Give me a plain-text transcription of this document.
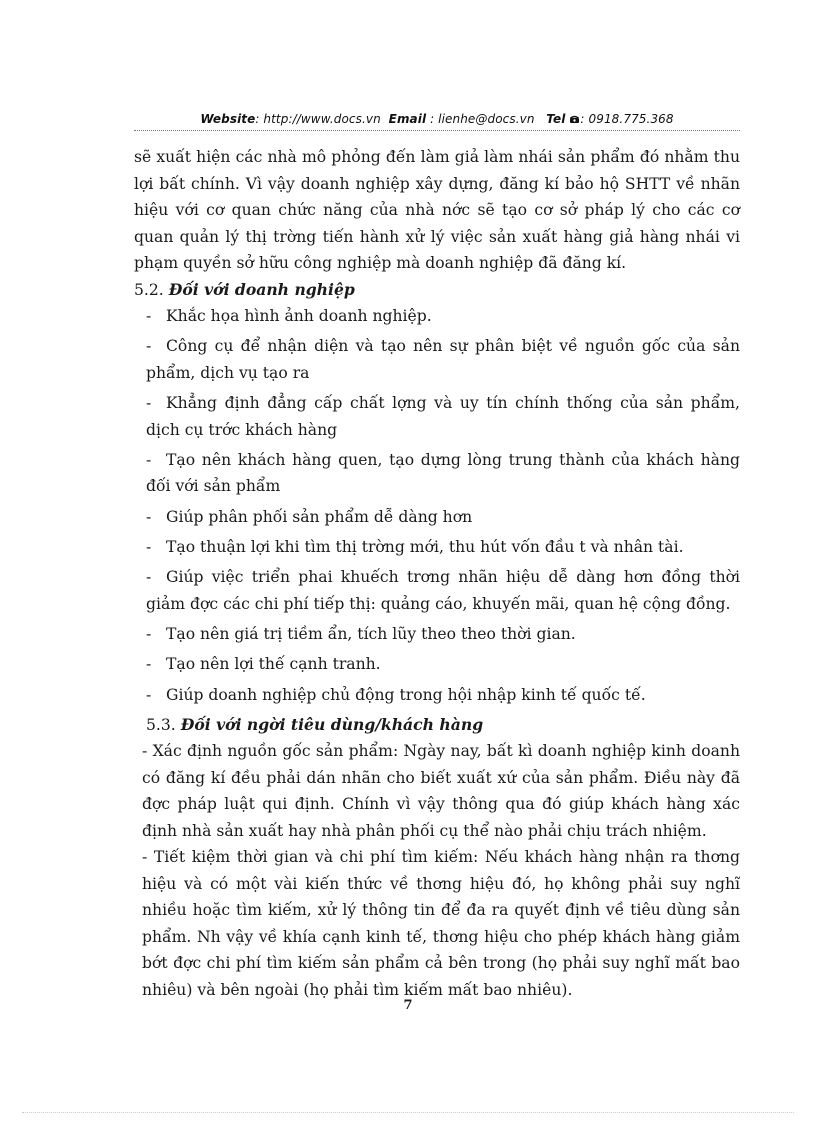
Website: http://www.docs.vn Email : lienhe@docs.vn Tel : 0918.775.368

sẽ xuất hiện các nhà mô phỏng đến làm giả làm nhái sản phẩm đó nhằm thu lợi bất chính. Vì vậy doanh nghiệp xây dựng, đăng kí bảo hộ SHTT về nhãn hiệu với cơ quan chức năng của nhà nớc sẽ tạo cơ sở pháp lý cho các cơ quan quản lý thị trờng tiến hành xử lý việc sản xuất hàng giả hàng nhái vi phạm quyền sở hữu công nghiệp mà doanh nghiệp đã đăng kí.

5.2. Đối với doanh nghiệp

- Khắc họa hình ảnh doanh nghiệp.

- Công cụ để nhận diện và tạo nên sự phân biệt về nguồn gốc của sản phẩm, dịch vụ tạo ra

- Khẳng định đẳng cấp chất lợng và uy tín chính thống của sản phẩm, dịch cụ trớc khách hàng

- Tạo nên khách hàng quen, tạo dựng lòng trung thành của khách hàng đối với sản phẩm

- Giúp phân phối sản phẩm dễ dàng hơn

- Tạo thuận lợi khi tìm thị trờng mới, thu hút vốn đầu t và nhân tài.

- Giúp việc triển phai khuếch trơng nhãn hiệu dễ dàng hơn đồng thời giảm đợc các chi phí tiếp thị: quảng cáo, khuyến mãi, quan hệ cộng đồng.

- Tạo nên giá trị tiềm ẩn, tích lũy theo theo thời gian.

- Tạo nên lợi thế cạnh tranh.

- Giúp doanh nghiệp chủ động trong hội nhập kinh tế quốc tế.

5.3. Đối với ngời tiêu dùng/khách hàng

- Xác định nguồn gốc sản phẩm: Ngày nay, bất kì doanh nghiệp kinh doanh có đăng kí đều phải dán nhãn cho biết xuất xứ của sản phẩm. Điều này đã đợc pháp luật qui định. Chính vì vậy thông qua đó giúp khách hàng xác định nhà sản xuất hay nhà phân phối cụ thể nào phải chịu trách nhiệm.

- Tiết kiệm thời gian và chi phí tìm kiếm: Nếu khách hàng nhận ra thơng hiệu và có một vài kiến thức về thơng hiệu đó, họ không phải suy nghĩ nhiều hoặc tìm kiếm, xử lý thông tin để đa ra quyết định về tiêu dùng sản phẩm. Nh vậy về khía cạnh kinh tế, thơng hiệu cho phép khách hàng giảm bớt đợc chi phí tìm kiếm sản phẩm cả bên trong (họ phải suy nghĩ mất bao nhiêu) và bên ngoài (họ phải tìm kiếm mất bao nhiêu).

7
